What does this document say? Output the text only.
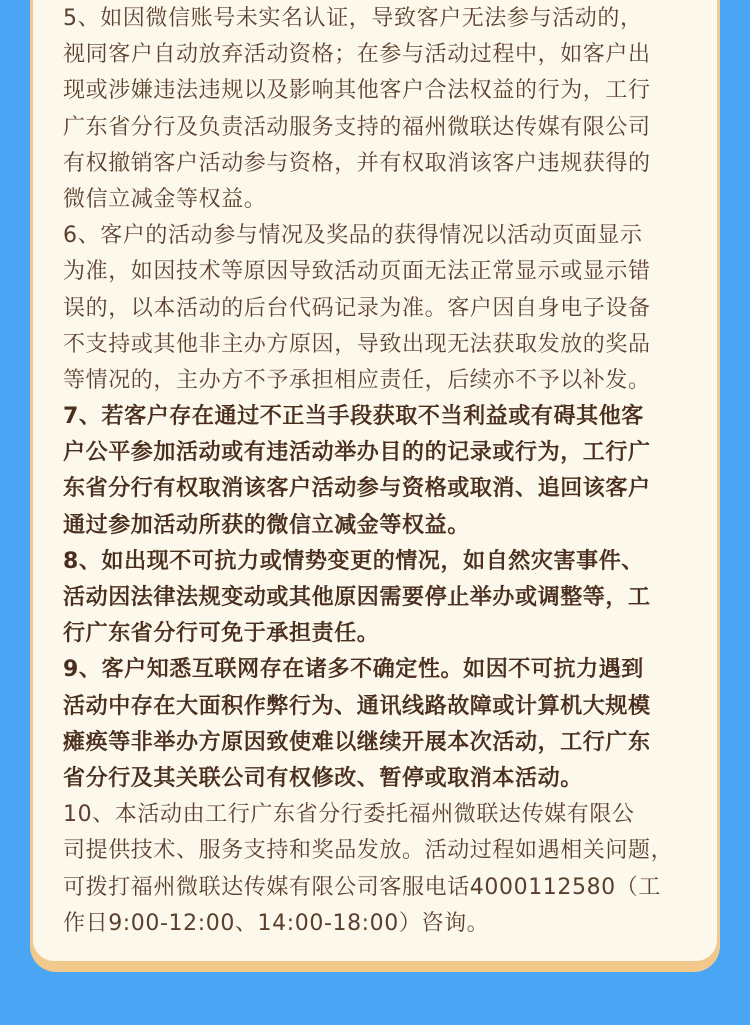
5、如因微信账号未实名认证，导致客户无法参与活动的，
视同客户自动放弃活动资格；在参与活动过程中，如客户出
现或涉嫌违法违规以及影响其他客户合法权益的行为，工行
广东省分行及负责活动服务支持的福州微联达传媒有限公司
有权撤销客户活动参与资格，并有权取消该客户违规获得的
微信立减金等权益。
6、客户的活动参与情况及奖品的获得情况以活动页面显示
为准，如因技术等原因导致活动页面无法正常显示或显示错
误的，以本活动的后台代码记录为准。客户因自身电子设备
不支持或其他非主办方原因，导致出现无法获取发放的奖品
等情况的，主办方不予承担相应责任，后续亦不予以补发。
7、若客户存在通过不正当手段获取不当利益或有碍其他客
户公平参加活动或有违活动举办目的的记录或行为，工行广
东省分行有权取消该客户活动参与资格或取消、追回该客户
通过参加活动所获的微信立减金等权益。
8、如出现不可抗力或情势变更的情况，如自然灾害事件、
活动因法律法规变动或其他原因需要停止举办或调整等，工
行广东省分行可免于承担责任。
9、客户知悉互联网存在诸多不确定性。如因不可抗力遇到
活动中存在大面积作弊行为、通讯线路故障或计算机大规模
瘫痪等非举办方原因致使难以继续开展本次活动，工行广东
省分行及其关联公司有权修改、暂停或取消本活动。
10、本活动由工行广东省分行委托福州微联达传媒有限公
司提供技术、服务支持和奖品发放。活动过程如遇相关问题，
可拨打福州微联达传媒有限公司客服电话4000112580（工
作日9:00-12:00、14:00-18:00）咨询。
